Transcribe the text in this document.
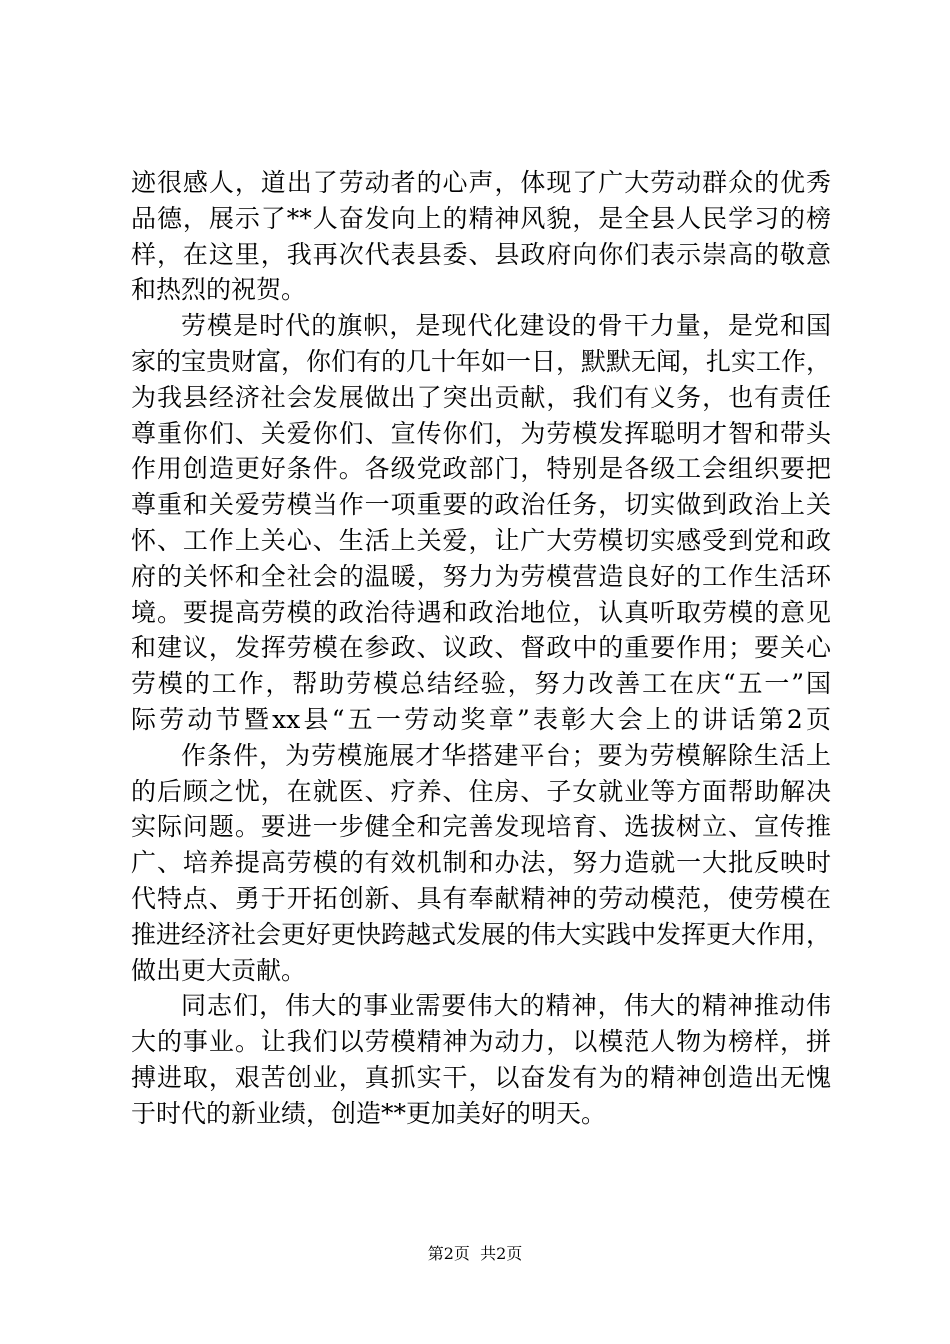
迹很感人，道出了劳动者的心声，体现了广大劳动群众的优秀
品德，展示了**人奋发向上的精神风貌，是全县人民学习的榜
样，在这里，我再次代表县委、县政府向你们表示崇高的敬意
和热烈的祝贺。
劳模是时代的旗帜，是现代化建设的骨干力量，是党和国
家的宝贵财富，你们有的几十年如一日，默默无闻，扎实工作，
为我县经济社会发展做出了突出贡献，我们有义务，也有责任
尊重你们、关爱你们、宣传你们，为劳模发挥聪明才智和带头
作用创造更好条件。各级党政部门，特别是各级工会组织要把
尊重和关爱劳模当作一项重要的政治任务，切实做到政治上关
怀、工作上关心、生活上关爱，让广大劳模切实感受到党和政
府的关怀和全社会的温暖，努力为劳模营造良好的工作生活环
境。要提高劳模的政治待遇和政治地位，认真听取劳模的意见
和建议，发挥劳模在参政、议政、督政中的重要作用；要关心
劳模的工作，帮助劳模总结经验，努力改善工在庆“五一”国
际劳动节暨xx县“五一劳动奖章”表彰大会上的讲话第2页
作条件，为劳模施展才华搭建平台；要为劳模解除生活上
的后顾之忧，在就医、疗养、住房、子女就业等方面帮助解决
实际问题。要进一步健全和完善发现培育、选拔树立、宣传推
广、培养提高劳模的有效机制和办法，努力造就一大批反映时
代特点、勇于开拓创新、具有奉献精神的劳动模范，使劳模在
推进经济社会更好更快跨越式发展的伟大实践中发挥更大作用，
做出更大贡献。
同志们，伟大的事业需要伟大的精神，伟大的精神推动伟
大的事业。让我们以劳模精神为动力，以模范人物为榜样，拼
搏进取，艰苦创业，真抓实干，以奋发有为的精神创造出无愧
于时代的新业绩，创造**更加美好的明天。
第2页  共2页
